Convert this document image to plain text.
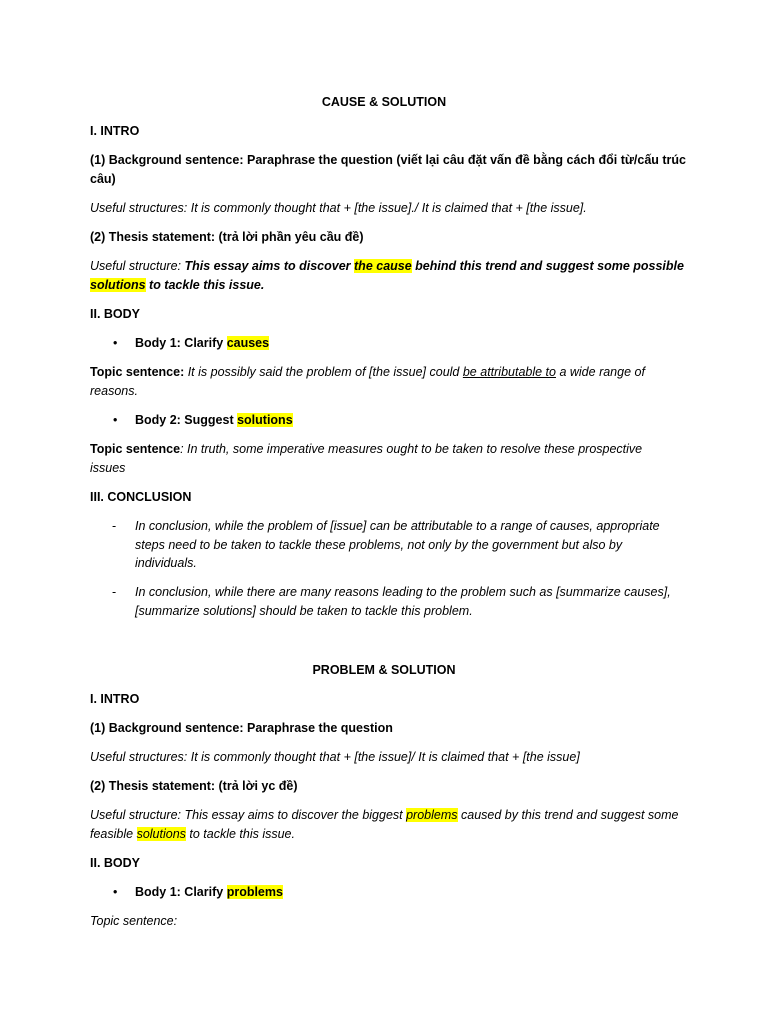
CAUSE & SOLUTION
I. INTRO
(1) Background sentence: Paraphrase the question (viết lại câu đặt vấn đề bằng cách đổi từ/cấu trúc
câu)
Useful structures: It is commonly thought that + [the issue]./ It is claimed that + [the issue].
(2) Thesis statement: (trả lời phần yêu cầu đề)
Useful structure: This essay aims to discover the cause behind this trend and suggest some possible
solutions to tackle this issue.
II. BODY
• Body 1: Clarify causes
Topic sentence: It is possibly said the problem of [the issue] could be attributable to a wide range of
reasons.
• Body 2: Suggest solutions
Topic sentence: In truth, some imperative measures ought to be taken to resolve these prospective
issues
III. CONCLUSION
- In conclusion, while the problem of [issue] can be attributable to a range of causes, appropriate
steps need to be taken to tackle these problems, not only by the government but also by
individuals.
- In conclusion, while there are many reasons leading to the problem such as [summarize causes],
[summarize solutions] should be taken to tackle this problem.
PROBLEM & SOLUTION
I. INTRO
(1) Background sentence: Paraphrase the question
Useful structures: It is commonly thought that + [the issue]/ It is claimed that + [the issue]
(2) Thesis statement: (trả lời yc đề)
Useful structure: This essay aims to discover the biggest problems caused by this trend and suggest some
feasible solutions to tackle this issue.
II. BODY
• Body 1: Clarify problems
Topic sentence:
